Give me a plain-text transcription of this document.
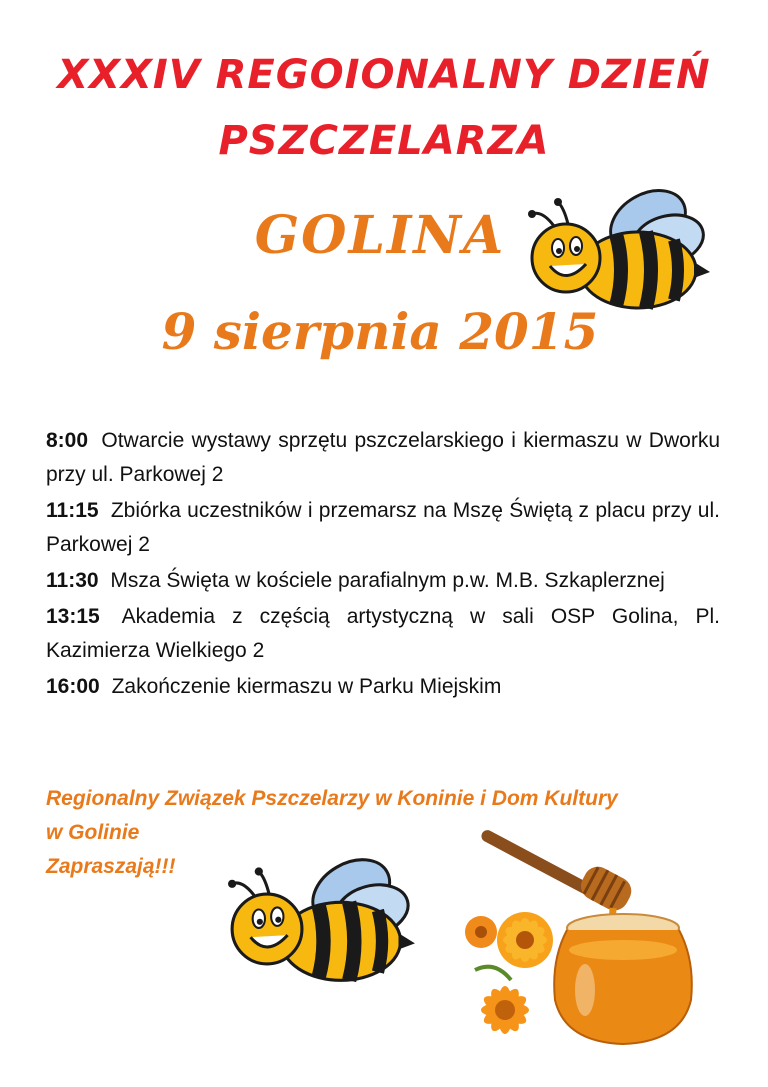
XXXIV REGOIONALNY DZIEŃ
PSZCZELARZA
GOLINA
9 sierpnia 2015

8:00 Otwarcie wystawy sprzętu pszczelarskiego i kiermaszu w Dworku przy ul. Parkowej 2

11:15 Zbiórka uczestników i przemarsz na Mszę Świętą z placu przy ul. Parkowej 2

11:30 Msza Święta w kościele parafialnym p.w. M.B. Szkaplerznej

13:15 Akademia z częścią artystyczną w sali OSP Golina, Pl. Kazimierza Wielkiego 2

16:00 Zakończenie kiermaszu w Parku Miejskim

Regionalny Związek Pszczelarzy w Koninie i Dom Kultury
w Golinie
Zapraszają!!!
